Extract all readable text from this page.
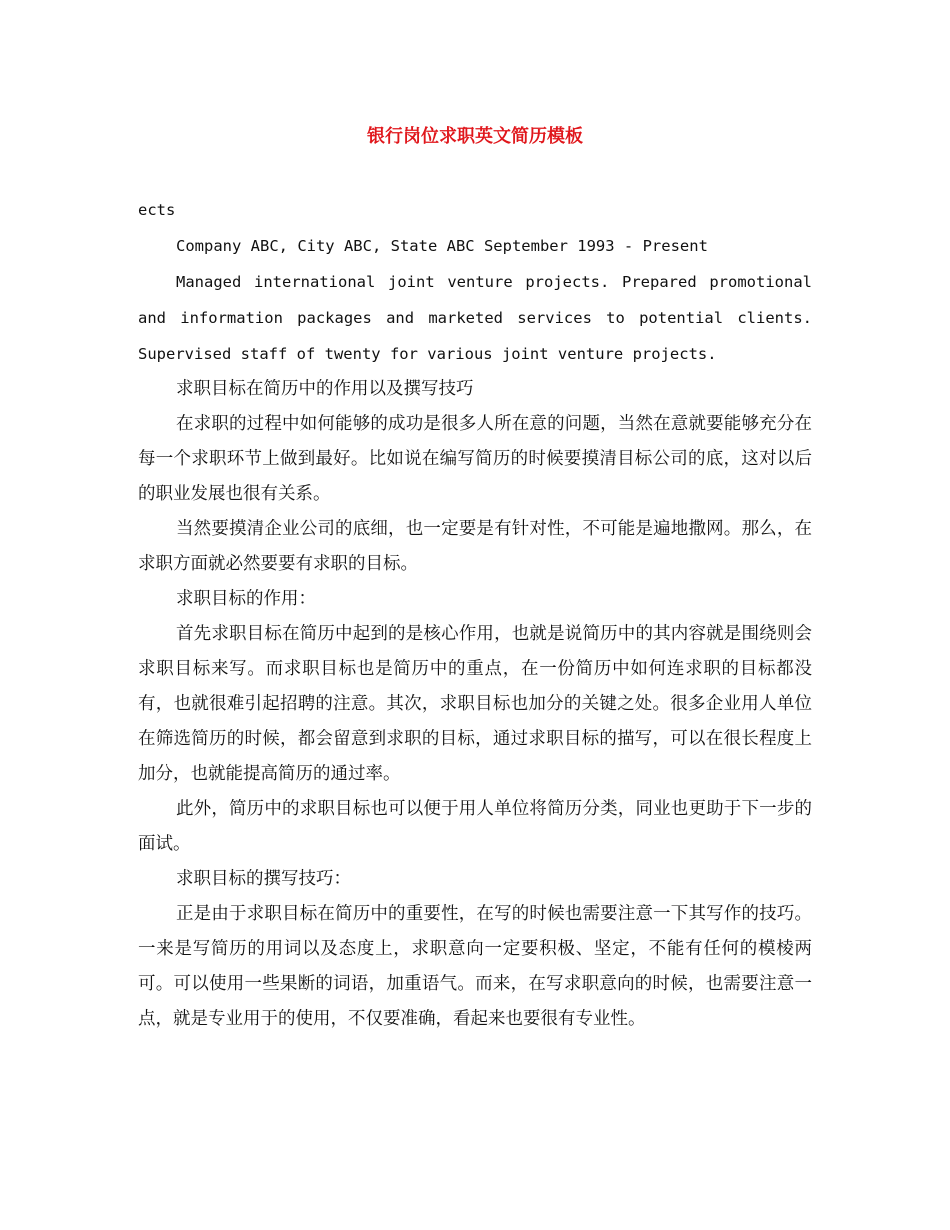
银行岗位求职英文简历模板

ects

Company ABC, City ABC, State ABC September 1993 - Present

Managed international joint venture projects. Prepared promotional and information packages and marketed services to potential clients. Supervised staff of twenty for various joint venture projects.

求职目标在简历中的作用以及撰写技巧

在求职的过程中如何能够的成功是很多人所在意的问题，当然在意就要能够充分在每一个求职环节上做到最好。比如说在编写简历的时候要摸清目标公司的底，这对以后的职业发展也很有关系。

当然要摸清企业公司的底细，也一定要是有针对性，不可能是遍地撒网。那么，在求职方面就必然要要有求职的目标。

求职目标的作用：

首先求职目标在简历中起到的是核心作用，也就是说简历中的其内容就是围绕则会求职目标来写。而求职目标也是简历中的重点，在一份简历中如何连求职的目标都没有，也就很难引起招聘的注意。其次，求职目标也加分的关键之处。很多企业用人单位在筛选简历的时候，都会留意到求职的目标，通过求职目标的描写，可以在很长程度上加分，也就能提高简历的通过率。

此外，简历中的求职目标也可以便于用人单位将简历分类，同业也更助于下一步的面试。

求职目标的撰写技巧：

正是由于求职目标在简历中的重要性，在写的时候也需要注意一下其写作的技巧。一来是写简历的用词以及态度上，求职意向一定要积极、坚定，不能有任何的模棱两可。可以使用一些果断的词语，加重语气。而来，在写求职意向的时候，也需要注意一点，就是专业用于的使用，不仅要准确，看起来也要很有专业性。
